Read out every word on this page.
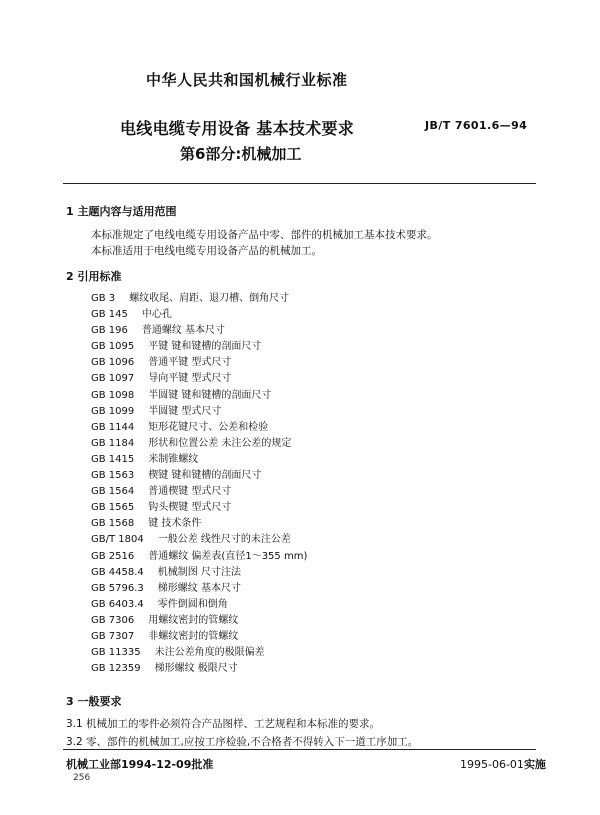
中华人民共和国机械行业标准
电线电缆专用设备 基本技术要求	JB/T 7601.6—94
第6部分:机械加工
1 主题内容与适用范围
本标准规定了电线电缆专用设备产品中零、部件的机械加工基本技术要求。
本标准适用于电线电缆专用设备产品的机械加工。
2 引用标准
GB 3 螺纹收尾、肩距、退刀槽、倒角尺寸
GB 145 中心孔
GB 196 普通螺纹 基本尺寸
GB 1095 平键 键和键槽的剖面尺寸
GB 1096 普通平键 型式尺寸
GB 1097 导向平键 型式尺寸
GB 1098 半圆键 键和键槽的剖面尺寸
GB 1099 半圆键 型式尺寸
GB 1144 矩形花键尺寸、公差和检验
GB 1184 形状和位置公差 未注公差的规定
GB 1415 米制锥螺纹
GB 1563 楔键 键和键槽的剖面尺寸
GB 1564 普通楔键 型式尺寸
GB 1565 钩头楔键 型式尺寸
GB 1568 键 技术条件
GB/T 1804 一般公差 线性尺寸的未注公差
GB 2516 普通螺纹 偏差表(直径1～355 mm)
GB 4458.4 机械制图 尺寸注法
GB 5796.3 梯形螺纹 基本尺寸
GB 6403.4 零件倒圆和倒角
GB 7306 用螺纹密封的管螺纹
GB 7307 非螺纹密封的管螺纹
GB 11335 未注公差角度的极限偏差
GB 12359 梯形螺纹 极限尺寸
3 一般要求
3.1 机械加工的零件必须符合产品图样、工艺规程和本标准的要求。
3.2 零、部件的机械加工,应按工序检验,不合格者不得转入下一道工序加工。
机械工业部1994-12-09批准	1995-06-01实施
256
